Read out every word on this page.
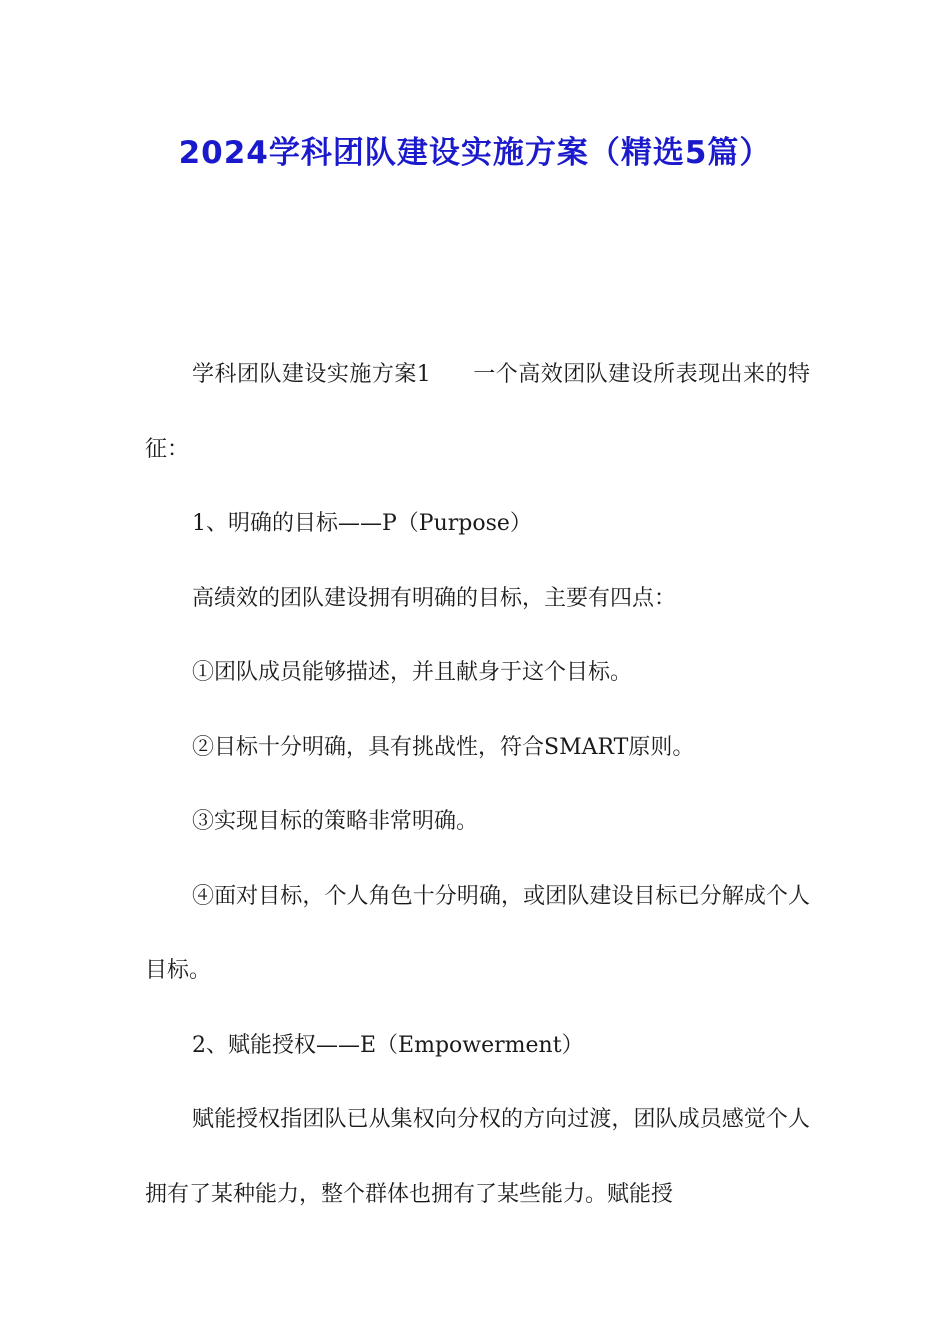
2024学科团队建设实施方案（精选5篇）

学科团队建设实施方案1 一个高效团队建设所表现出来的特征：

1、明确的目标——P（Purpose）

高绩效的团队建设拥有明确的目标，主要有四点：

①团队成员能够描述，并且献身于这个目标。

②目标十分明确，具有挑战性，符合SMART原则。

③实现目标的策略非常明确。

④面对目标，个人角色十分明确，或团队建设目标已分解成个人目标。

2、赋能授权——E（Empowerment）

赋能授权指团队已从集权向分权的方向过渡，团队成员感觉个人拥有了某种能力，整个群体也拥有了某些能力。赋能授
